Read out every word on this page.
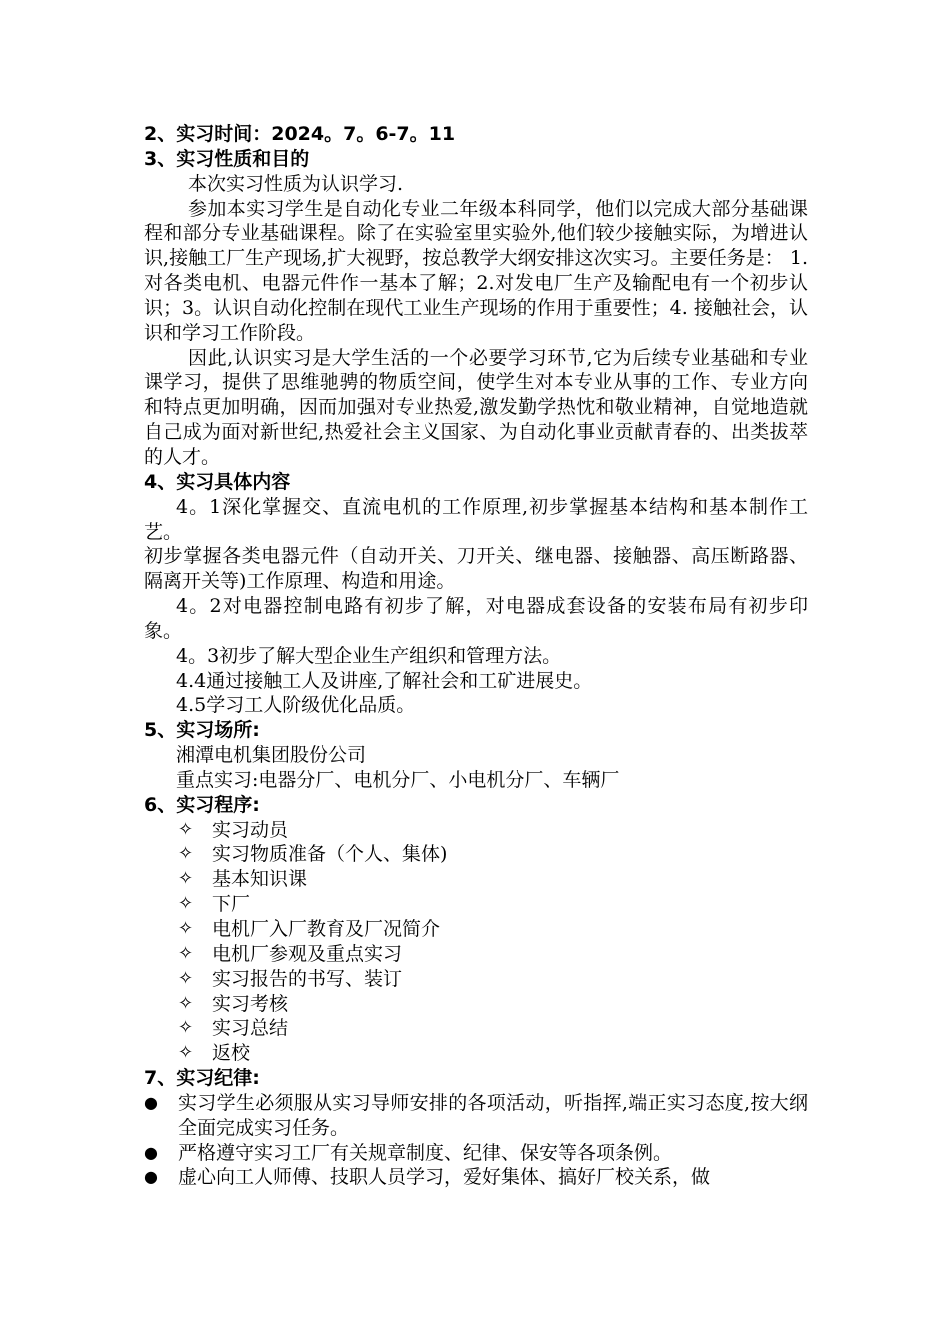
2、实习时间：2024。7。6-7。11

3、实习性质和目的

本次实习性质为认识学习.

参加本实习学生是自动化专业二年级本科同学，他们以完成大部分基础课程和部分专业基础课程。除了在实验室里实验外,他们较少接触实际，为增进认识,接触工厂生产现场,扩大视野，按总教学大纲安排这次实习。主要任务是： 1. 对各类电机、电器元件作一基本了解；2.对发电厂生产及输配电有一个初步认识；3。认识自动化控制在现代工业生产现场的作用于重要性；4. 接触社会，认识和学习工作阶段。

因此,认识实习是大学生活的一个必要学习环节,它为后续专业基础和专业课学习，提供了思维驰骋的物质空间，使学生对本专业从事的工作、专业方向和特点更加明确，因而加强对专业热爱,激发勤学热忱和敬业精神，自觉地造就自己成为面对新世纪,热爱社会主义国家、为自动化事业贡献青春的、出类拔萃的人才。

4、实习具体内容

4。1深化掌握交、直流电机的工作原理,初步掌握基本结构和基本制作工艺。

初步掌握各类电器元件（自动开关、刀开关、继电器、接触器、高压断路器、隔离开关等)工作原理、构造和用途。

4。2对电器控制电路有初步了解，对电器成套设备的安装布局有初步印象。

4。3初步了解大型企业生产组织和管理方法。

4.4通过接触工人及讲座,了解社会和工矿进展史。

4.5学习工人阶级优化品质。

5、实习场所:

湘潭电机集团股份公司

重点实习:电器分厂、电机分厂、小电机分厂、车辆厂

6、实习程序:

✧ 实习动员
✧ 实习物质准备（个人、集体)
✧ 基本知识课
✧ 下厂
✧ 电机厂入厂教育及厂况简介
✧ 电机厂参观及重点实习
✧ 实习报告的书写、装订
✧ 实习考核
✧ 实习总结
✧ 返校

7、实习纪律:

●	实习学生必须服从实习导师安排的各项活动，听指挥,端正实习态度,按大纲全面完成实习任务。
●	严格遵守实习工厂有关规章制度、纪律、保安等各项条例。
●	虚心向工人师傅、技职人员学习，爱好集体、搞好厂校关系，做
